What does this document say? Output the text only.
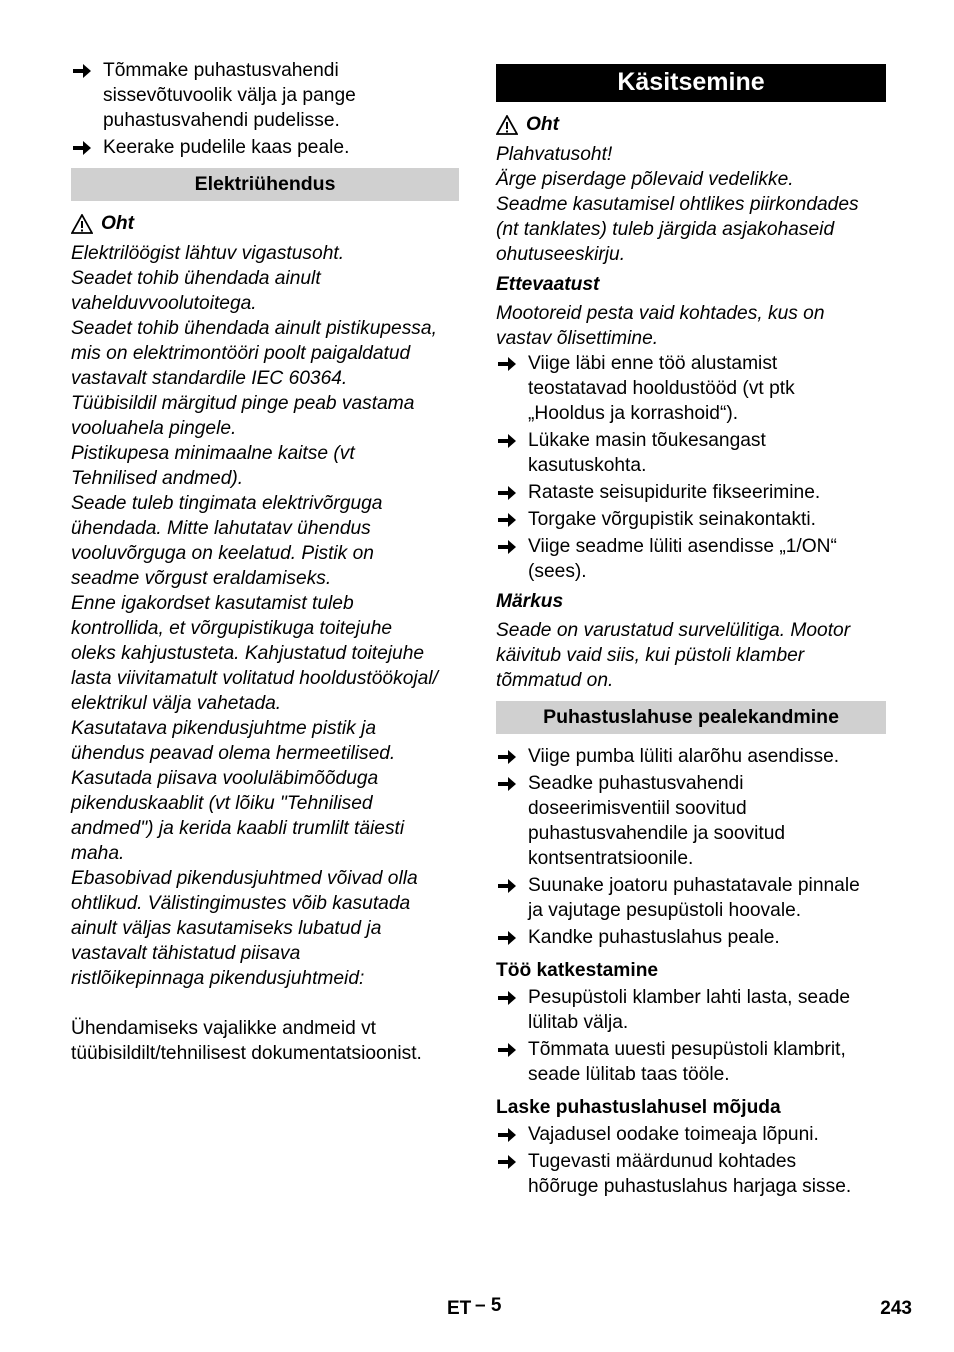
Tõmmake puhastusvahendi
sissevõtuvoolik välja ja pange
puhastusvahendi pudelisse.
Keerake pudelile kaas peale.
Elektriühendus
Oht
Elektrilöögist lähtuv vigastusoht.
Seadet tohib ühendada ainult
vahelduvvoolutoitega.
Seadet tohib ühendada ainult pistikupessa,
mis on elektrimontööri poolt paigaldatud
vastavalt standardile IEC 60364.
Tüübisildil märgitud pinge peab vastama
vooluahela pingele.
Pistikupesa minimaalne kaitse (vt
Tehnilised andmed).
Seade tuleb tingimata elektrivõrguga
ühendada. Mitte lahutatav ühendus
vooluvõrguga on keelatud. Pistik on
seadme võrgust eraldamiseks.
Enne igakordset kasutamist tuleb
kontrollida, et võrgupistikuga toitejuhe
oleks kahjustusteta. Kahjustatud toitejuhe
lasta viivitamatult volitatud hooldustöökojal/
elektrikul välja vahetada.
Kasutatava pikendusjuhtme pistik ja
ühendus peavad olema hermeetilised.
Kasutada piisava vooluläbimõõduga
pikenduskaablit (vt lõiku "Tehnilised
andmed") ja kerida kaabli trumlilt täiesti
maha.
Ebasobivad pikendusjuhtmed võivad olla
ohtlikud. Välistingimustes võib kasutada
ainult väljas kasutamiseks lubatud ja
vastavalt tähistatud piisava
ristlõikepinnaga pikendusjuhtmeid:
Ühendamiseks vajalikke andmeid vt
tüübisildilt/tehnilisest dokumentatsioonist.
Käsitsemine
Oht
Plahvatusoht!
Ärge piserdage põlevaid vedelikke.
Seadme kasutamisel ohtlikes piirkondades
(nt tanklates) tuleb järgida asjakohaseid
ohutuseeskirju.
Ettevaatust
Mootoreid pesta vaid kohtades, kus on
vastav õlisettimine.
Viige läbi enne töö alustamist
teostatavad hooldustööd (vt ptk
„Hooldus ja korrashoid“).
Lükake masin tõukesangast
kasutuskohta.
Rataste seisupidurite fikseerimine.
Torgake võrgupistik seinakontakti.
Viige seadme lüliti asendisse „1/ON“
(sees).
Märkus
Seade on varustatud survelülitiga. Mootor
käivitub vaid siis, kui püstoli klamber
tõmmatud on.
Puhastuslahuse pealekandmine
Viige pumba lüliti alarõhu asendisse.
Seadke puhastusvahendi
doseerimisventiil soovitud
puhastusvahendile ja soovitud
kontsentratsioonile.
Suunake joatoru puhastatavale pinnale
ja vajutage pesupüstoli hoovale.
Kandke puhastuslahus peale.
Töö katkestamine
Pesupüstoli klamber lahti lasta, seade
lülitab välja.
Tõmmata uuesti pesupüstoli klambrit,
seade lülitab taas tööle.
Laske puhastuslahusel mõjuda
Vajadusel oodake toimeaja lõpuni.
Tugevasti määrdunud kohtades
hõõruge puhastuslahus harjaga sisse.
ET – 5	243
